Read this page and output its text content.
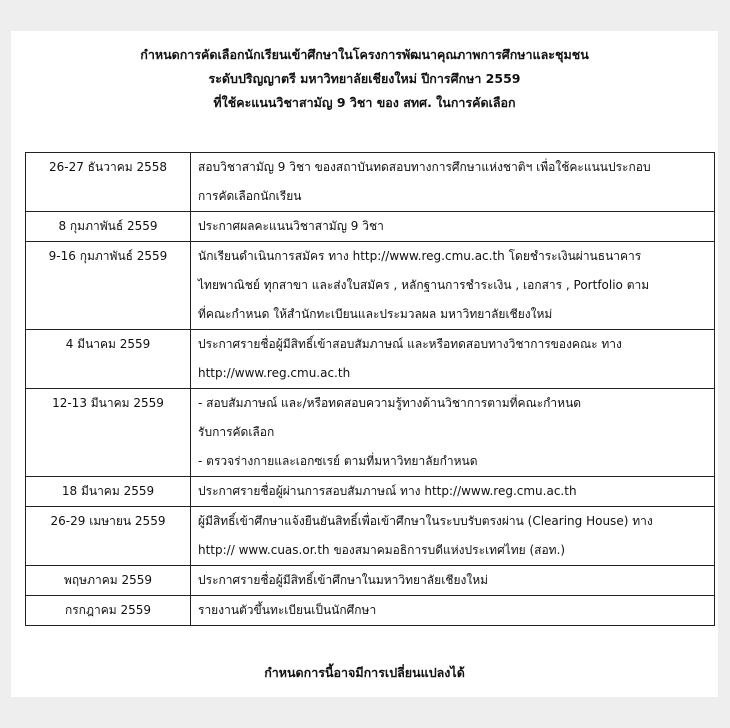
กำหนดการคัดเลือกนักเรียนเข้าศึกษาในโครงการพัฒนาคุณภาพการศึกษาและชุมชน
ระดับปริญญาตรี มหาวิทยาลัยเชียงใหม่ ปีการศึกษา 2559
ที่ใช้คะแนนวิชาสามัญ 9 วิชา ของ สทศ. ในการคัดเลือก
26-27 ธันวาคม 2558	สอบวิชาสามัญ 9 วิชา ของสถาบันทดสอบทางการศึกษาแห่งชาติฯ เพื่อใช้คะแนนประกอบ
การคัดเลือกนักเรียน

8 กุมภาพันธ์ 2559	ประกาศผลคะแนนวิชาสามัญ 9 วิชา

9-16 กุมภาพันธ์ 2559	นักเรียนดำเนินการสมัคร ทาง http://www.reg.cmu.ac.th โดยชำระเงินผ่านธนาคาร
ไทยพาณิชย์ ทุกสาขา และส่งใบสมัคร , หลักฐานการชำระเงิน , เอกสาร , Portfolio ตาม
ที่คณะกำหนด ให้สำนักทะเบียนและประมวลผล มหาวิทยาลัยเชียงใหม่

4 มีนาคม 2559	ประกาศรายชื่อผู้มีสิทธิ์เข้าสอบสัมภาษณ์ และหรือทดสอบทางวิชาการของคณะ ทาง
http://www.reg.cmu.ac.th

12-13 มีนาคม 2559	- สอบสัมภาษณ์ และ/หรือทดสอบความรู้ทางด้านวิชาการตามที่คณะกำหนด
รับการคัดเลือก
- ตรวจร่างกายและเอกซเรย์ ตามที่มหาวิทยาลัยกำหนด

18 มีนาคม 2559	ประกาศรายชื่อผู้ผ่านการสอบสัมภาษณ์ ทาง http://www.reg.cmu.ac.th

26-29 เมษายน 2559	ผู้มีสิทธิ์เข้าศึกษาแจ้งยืนยันสิทธิ์เพื่อเข้าศึกษาในระบบรับตรงผ่าน (Clearing House) ทาง
http:// www.cuas.or.th ของสมาคมอธิการบดีแห่งประเทศไทย (สอท.)

พฤษภาคม 2559	ประกาศรายชื่อผู้มีสิทธิ์เข้าศึกษาในมหาวิทยาลัยเชียงใหม่

กรกฎาคม 2559	รายงานตัวขึ้นทะเบียนเป็นนักศึกษา
กำหนดการนี้อาจมีการเปลี่ยนแปลงได้
